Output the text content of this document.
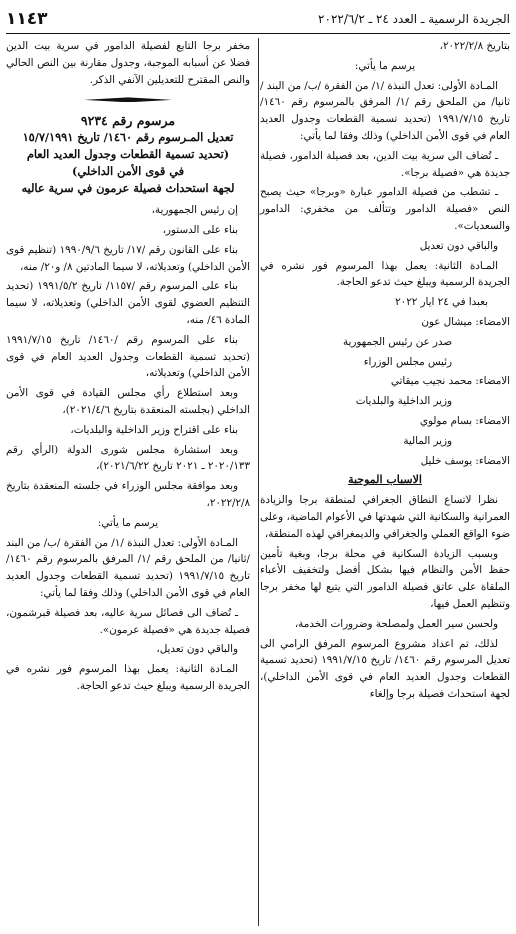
الجريدة الرسمية ـ العدد ٢٤ ـ ٢٠٢٢/٦/٢
١١٤٣

بتاريخ ٢٠٢٢/٢/٨،

يرسم ما يأتي:

المـادة الأولى: تعدل النبذة /١/ من الفقرة /ب/ من البند /ثانيا/ من الملحق رقم /١/ المرفق بالمرسوم رقم ١٤٦٠/ تاريخ ١٩٩١/٧/١٥ (تحديد تسمية القطعات وجدول العديد العام في قوى الأمن الداخلي) وذلك وفقا لما يأتي:

ـ تُضاف الى سرية بيت الدين، بعد فصيلة الدامور، فصيلة جديدة هي «فصيلة برجا».

ـ تشطب من فصيلة الدامور عبارة «وبرجا» حيث يصبح النص «فصيلة الدامور وتتألف من مخفري: الدامور والسعديات».

والباقي دون تعديل

المـادة الثانية: يعمل بهذا المرسوم فور نشره في الجريدة الرسمية ويبلغ حيث تدعو الحاجة.

بعبدا في ٢٤ ايار ٢٠٢٢

الامضاء: ميشال عون

صدر عن رئيس الجمهورية

رئيس مجلس الوزراء

الامضاء: محمد نجيب ميقاتي

وزير الداخلية والبلديات

الامضاء: بسام مولوي

وزير المالية

الامضاء: يوسف خليل

الاسباب الموجبة

نظرا لاتساع النطاق الجغرافي لمنطقة برجا والزيادة العمرانية والسكانية التي شهدتها في الأعوام الماضية، وعلى ضوء الواقع العملي والجغرافي والديمغرافي لهذه المنطقة،

وبسبب الزيادة السكانية في محلة برجا، وبغية تأمين حفظ الأمن والنظام فيها بشكل أفضل ولتخفيف الأعباء الملقاة على عاتق فصيلة الدامور التي يتبع لها مخفر برجا وتنظيم العمل فيها،

ولحسن سير العمل ولمصلحة وضرورات الخدمة،

لذلك، تم اعداد مشروع المرسوم المرفق الرامي الى تعديل المرسوم رقم ١٤٦٠/ تاريخ ١٩٩١/٧/١٥ (تحديد تسمية القطعات وجدول العديد العام في قوى الأمن الداخلي)، لجهة استحداث فصيلة برجا وإلغاء

مخفر برجا التابع لفصيلة الدامور في سرية بيت الدين فضلا عن أسبابه الموجبة، وجدول مقارنة بين النص الحالي والنص المقترح للتعديلين الآنفي الذكر.

مرسوم رقم ٩٢٣٤

تعديل المـرسوم رقم ١٤٦٠/ تاريخ ١٥/٧/١٩٩١

(تحديد تسمية القطعات وجدول العديد العام

في قوى الأمن الداخلي)

لجهة استحداث فصيلة عرمون في سرية عاليه

إن رئيس الجمهورية،

بناء على الدستور،

بناء على القانون رقم /١٧/ تاريخ ١٩٩٠/٩/٦ (تنظيم قوى الأمن الداخلي) وتعديلاته، لا سيما المادتين ٨/ و٢٠/ منه،

بناء على المرسوم رقم /١١٥٧/ تاريخ ١٩٩١/٥/٢ (تحديد التنظيم العضوي لقوى الأمن الداخلي) وتعديلاته، لا سيما المادة ٤٦/ منه،

بناء على المرسوم رقم /١٤٦٠/ تاريخ ١٩٩١/٧/١٥ (تحديد تسمية القطعات وجدول العديد العام في قوى الأمن الداخلي) وتعديلاته،

وبعد استطلاع رأي مجلس القيادة في قوى الأمن الداخلي (بجلسته المنعقدة بتاريخ ٢٠٢١/٤/٦)،

بناء على اقتراح وزير الداخلية والبلديات،

وبعد استشارة مجلس شورى الدولة (الرأي رقم ٢٠٢٠/١٣٣ ـ ٢٠٢١ تاريخ ٢٠٢١/٦/٢٢)،

وبعد موافقة مجلس الوزراء في جلسته المنعقدة بتاريخ ٢٠٢٢/٢/٨،

يرسم ما يأتي:

المـادة الأولى: تعدل النبذة /١/ من الفقرة /ب/ من البند /ثانيا/ من الملحق رقم /١/ المرفق بالمرسوم رقم ١٤٦٠/ تاريخ ١٩٩١/٧/١٥ (تحديد تسمية القطعات وجدول العديد العام في قوى الأمن الداخلي) وذلك وفقا لما يأتي:

ـ تُضاف الى فصائل سرية عاليه، بعد فصيلة قبرشمون، فصيلة جديدة هي «فصيلة عرمون».

والباقي دون تعديل،

المـادة الثانية: يعمل بهذا المرسوم فور نشره في الجريدة الرسمية ويبلغ حيث تدعو الحاجة.
